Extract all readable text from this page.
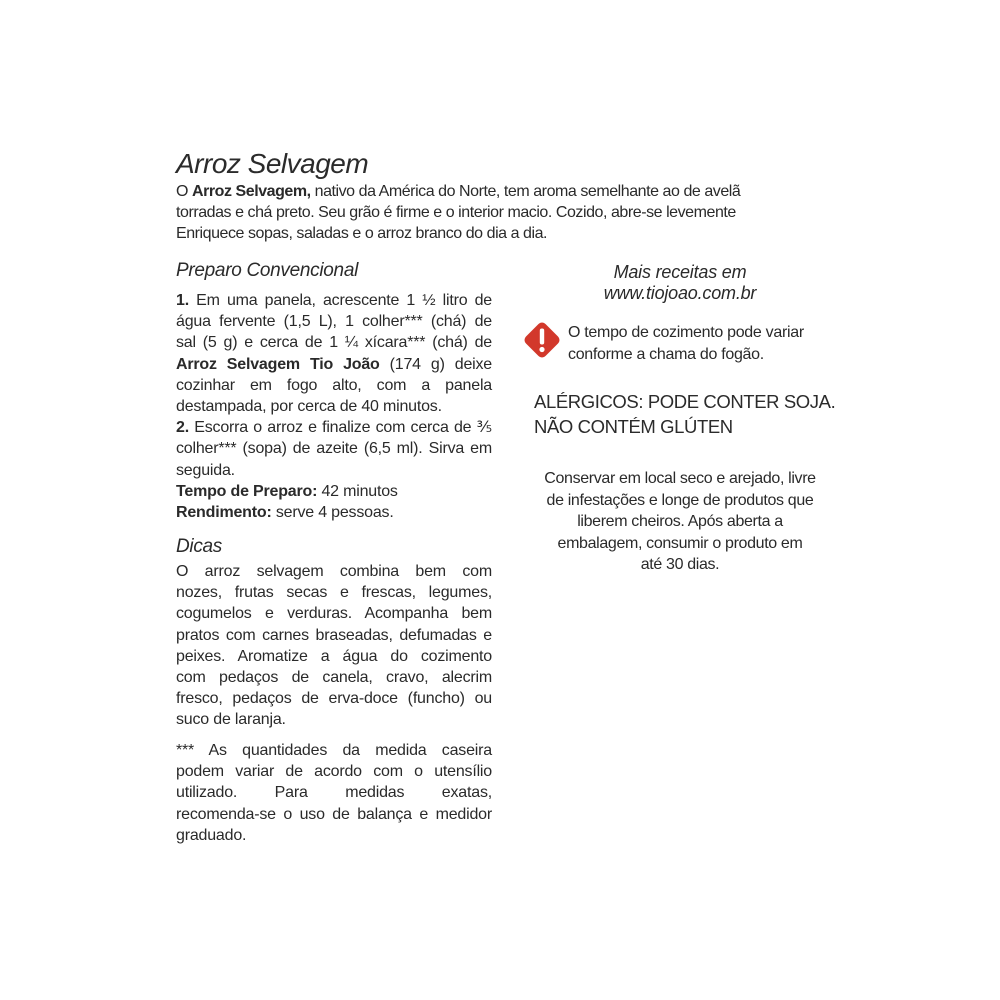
Arroz Selvagem
O Arroz Selvagem, nativo da América do Norte, tem aroma semelhante ao de avelã
torradas e chá preto. Seu grão é firme e o interior macio. Cozido, abre-se levemente
Enriquece sopas, saladas e o arroz branco do dia a dia.
Preparo Convencional
1. Em uma panela, acrescente 1 ½ litro de
água fervente (1,5 L), 1 colher*** (chá) de
sal (5 g) e cerca de 1 ¼ xícara*** (chá) de
Arroz Selvagem Tio João (174 g) deixe
cozinhar em fogo alto, com a panela
destampada, por cerca de 40 minutos.
2. Escorra o arroz e finalize com cerca de ⅗
colher*** (sopa) de azeite (6,5 ml). Sirva em
seguida.
Tempo de Preparo: 42 minutos
Rendimento: serve 4 pessoas.
Dicas
O arroz selvagem combina bem com
nozes, frutas secas e frescas, legumes,
cogumelos e verduras. Acompanha bem
pratos com carnes braseadas, defumadas e
peixes. Aromatize a água do cozimento
com pedaços de canela, cravo, alecrim
fresco, pedaços de erva-doce (funcho) ou
suco de laranja.
*** As quantidades da medida caseira
podem variar de acordo com o utensílio
utilizado. Para medidas exatas,
recomenda-se o uso de balança e medidor
graduado.
Mais receitas em
www.tiojoao.com.br
O tempo de cozimento pode variar
conforme a chama do fogão.
ALÉRGICOS: PODE CONTER SOJA.
NÃO CONTÉM GLÚTEN
Conservar em local seco e arejado, livre
de infestações e longe de produtos que
liberem cheiros. Após aberta a
embalagem, consumir o produto em
até 30 dias.
